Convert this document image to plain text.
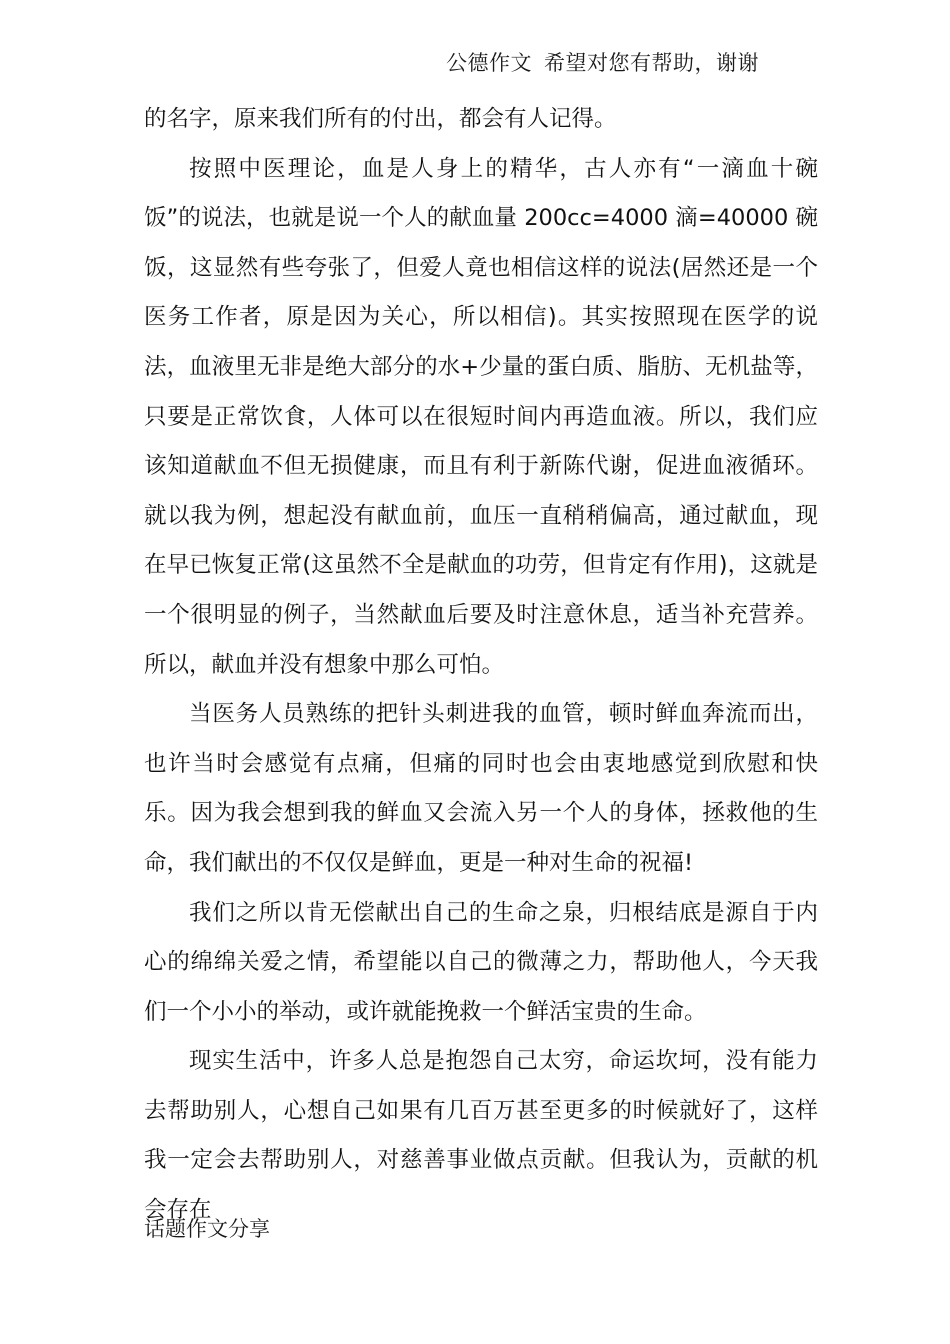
公德作文 希望对您有帮助，谢谢

的名字，原来我们所有的付出，都会有人记得。

按照中医理论，血是人身上的精华，古人亦有“一滴血十碗饭”的说法，也就是说一个人的献血量 200cc=4000 滴=40000 碗饭，这显然有些夸张了，但爱人竟也相信这样的说法(居然还是一个医务工作者，原是因为关心，所以相信)。其实按照现在医学的说法，血液里无非是绝大部分的水+少量的蛋白质、脂肪、无机盐等，只要是正常饮食，人体可以在很短时间内再造血液。所以，我们应该知道献血不但无损健康，而且有利于新陈代谢，促进血液循环。就以我为例，想起没有献血前，血压一直稍稍偏高，通过献血，现在早已恢复正常(这虽然不全是献血的功劳，但肯定有作用)，这就是一个很明显的例子，当然献血后要及时注意休息，适当补充营养。所以，献血并没有想象中那么可怕。

当医务人员熟练的把针头刺进我的血管，顿时鲜血奔流而出，也许当时会感觉有点痛，但痛的同时也会由衷地感觉到欣慰和快乐。因为我会想到我的鲜血又会流入另一个人的身体，拯救他的生命，我们献出的不仅仅是鲜血，更是一种对生命的祝福!

我们之所以肯无偿献出自己的生命之泉，归根结底是源自于内心的绵绵关爱之情，希望能以自己的微薄之力，帮助他人，今天我们一个小小的举动，或许就能挽救一个鲜活宝贵的生命。

现实生活中，许多人总是抱怨自己太穷，命运坎坷，没有能力去帮助别人，心想自己如果有几百万甚至更多的时候就好了，这样我一定会去帮助别人，对慈善事业做点贡献。但我认为，贡献的机会存在

话题作文分享
